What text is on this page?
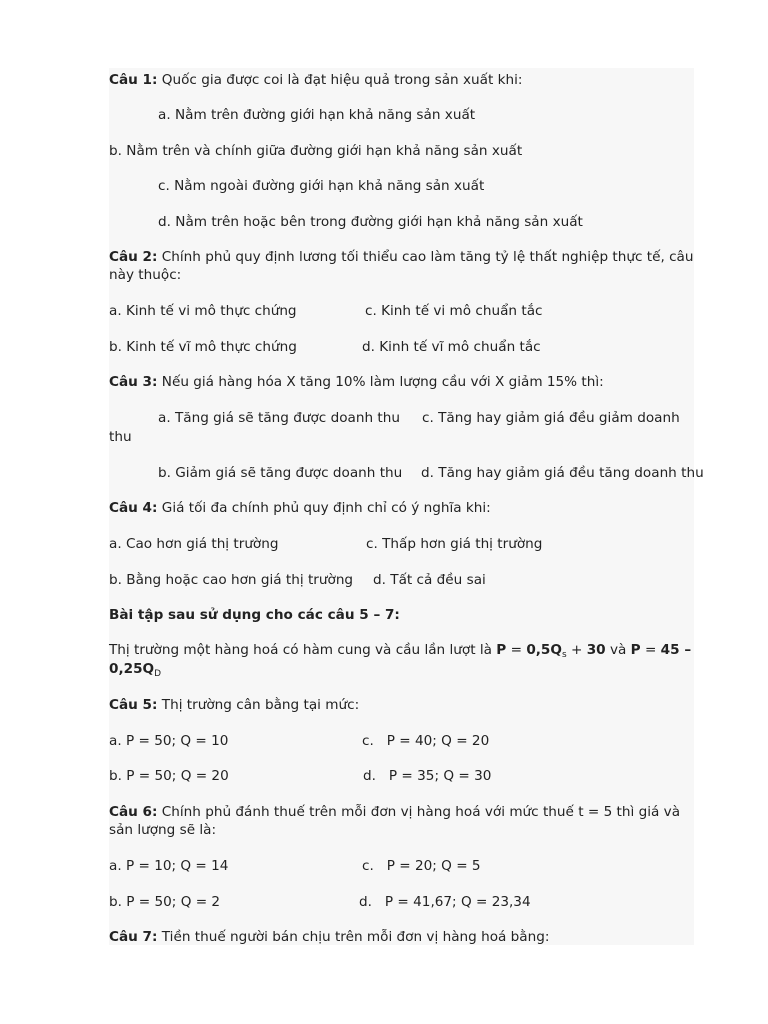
Câu 1: Quốc gia được coi là đạt hiệu quả trong sản xuất khi:
a. Nằm trên đường giới hạn khả năng sản xuất
b. Nằm trên và chính giữa đường giới hạn khả năng sản xuất
c. Nằm ngoài đường giới hạn khả năng sản xuất
d. Nằm trên hoặc bên trong đường giới hạn khả năng sản xuất
Câu 2: Chính phủ quy định lương tối thiểu cao làm tăng tỷ lệ thất nghiệp thực tế, câu này thuộc:
a. Kinh tế vi mô thực chứng	c. Kinh tế vi mô chuẩn tắc
b. Kinh tế vĩ mô thực chứng	d. Kinh tế vĩ mô chuẩn tắc
Câu 3: Nếu giá hàng hóa X tăng 10% làm lượng cầu với X giảm 15% thì:
a. Tăng giá sẽ tăng được doanh thu c. Tăng hay giảm giá đều giảm doanh
thu
b. Giảm giá sẽ tăng được doanh thu d. Tăng hay giảm giá đều tăng doanh thu
Câu 4: Giá tối đa chính phủ quy định chỉ có ý nghĩa khi:
a. Cao hơn giá thị trường	c. Thấp hơn giá thị trường
b. Bằng hoặc cao hơn giá thị trường d. Tất cả đều sai
Bài tập sau sử dụng cho các câu 5 – 7:
Thị trường một hàng hoá có hàm cung và cầu lần lượt là $P = 0,5Q_s + 30$ và P = 45 –
$0,25Q_D$
Câu 5: Thị trường cân bằng tại mức:
a. P = 50; Q = 10	c.   P = 40; Q = 20
b. P = 50; Q = 20	d.   P = 35; Q = 30
Câu 6: Chính phủ đánh thuế trên mỗi đơn vị hàng hoá với mức thuế t = 5 thì giá và sản lượng sẽ là:
a. P = 10; Q = 14	c.   P = 20; Q = 5
b. P = 50; Q = 2	d.   P = 41,67; Q = 23,34
Câu 7: Tiền thuế người bán chịu trên mỗi đơn vị hàng hoá bằng:
